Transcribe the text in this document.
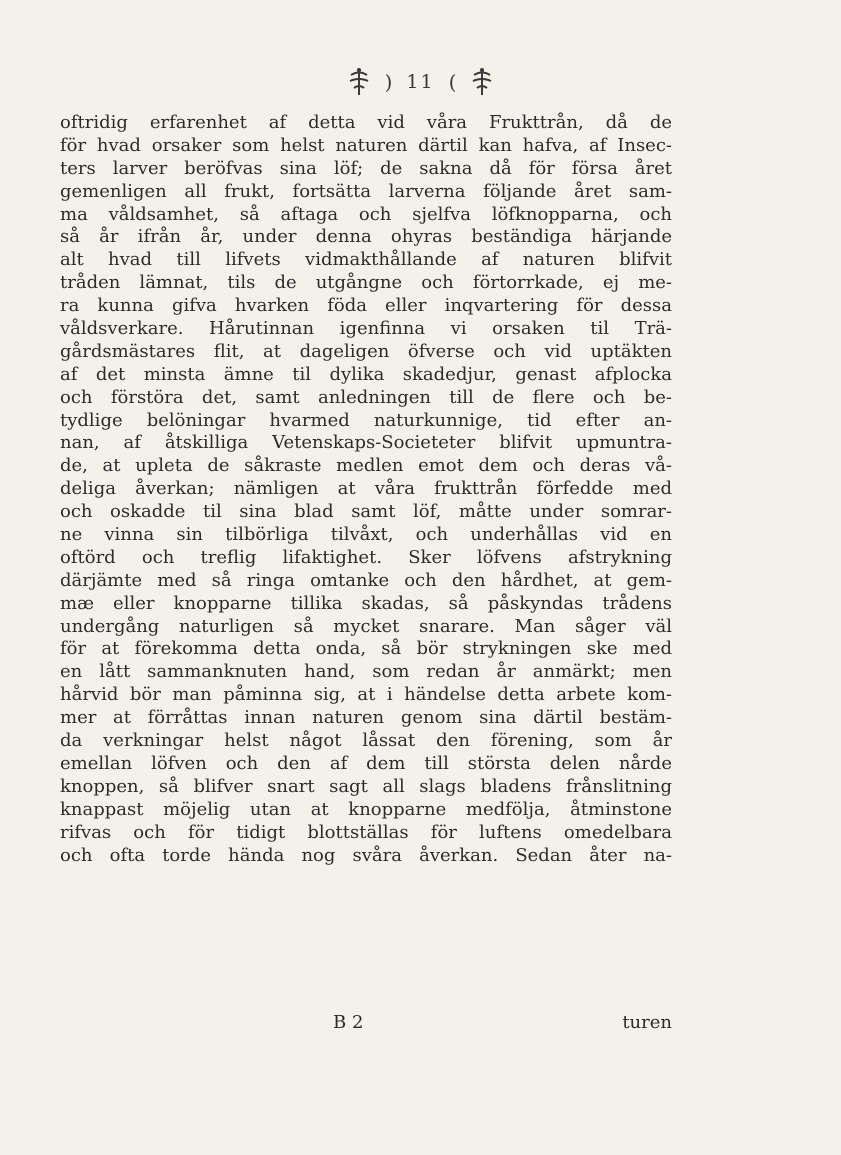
) 11 (
oftridig erfarenhet af detta vid våra Frukttrån, då de
för hvad orsaker som helst naturen därtil kan hafva, af Insec-
ters larver beröfvas sina löf; de sakna då för försa året
gemenligen all frukt, fortsätta larverna följande året sam-
ma våldsamhet, så aftaga och sjelfva löfknopparna, och
så år ifrån år, under denna ohyras beständiga härjande
alt hvad till lifvets vidmakthållande af naturen blifvit
tråden lämnat, tils de utgångne och förtorrkade, ej me-
ra kunna gifva hvarken föda eller inqvartering för dessa
våldsverkare. Hårutinnan igenfinna vi orsaken til Trä-
gårdsmästares flit, at dageligen öfverse och vid uptäkten
af det minsta ämne til dylika skadedjur, genast afplocka
och förstöra det, samt anledningen till de flere och be-
tydlige belöningar hvarmed naturkunnige, tid efter an-
nan, af åtskilliga Vetenskaps-Societeter blifvit upmuntra-
de, at upleta de såkraste medlen emot dem och deras vå-
deliga åverkan; nämligen at våra frukttrån förfedde med
och oskadde til sina blad samt löf, måtte under somrar-
ne vinna sin tilbörliga tilvåxt, och underhållas vid en
oftörd och treflig lifaktighet. Sker löfvens afstrykning
därjämte med så ringa omtanke och den hårdhet, at gem-
mæ eller knopparne tillika skadas, så påskyndas trådens
undergång naturligen så mycket snarare. Man såger väl
för at förekomma detta onda, så bör strykningen ske med
en lått sammanknuten hand, som redan år anmärkt; men
hårvid bör man påminna sig, at i händelse detta arbete kom-
mer at förråttas innan naturen genom sina därtil bestäm-
da verkningar helst något låssat den förening, som år
emellan löfven och den af dem till största delen nårde
knoppen, så blifver snart sagt all slags bladens frånslitning
knappast möjelig utan at knopparne medfölja, åtminstone
rifvas och för tidigt blottställas för luftens omedelbara
och ofta torde hända nog svåra åverkan. Sedan åter na-
B 2	turen
